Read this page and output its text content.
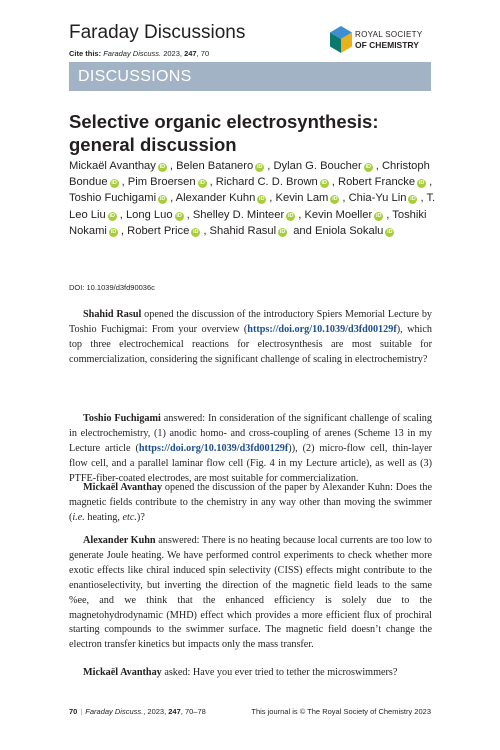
Faraday Discussions
Cite this: Faraday Discuss. 2023, 247, 70
ROYAL SOCIETY
OF CHEMISTRY
DISCUSSIONS
Selective organic electrosynthesis: general discussion
Mickaël Avanthay iD , Belen Batanero iD , Dylan G. Boucher iD , Christoph Bondue iD , Pim Broersen iD , Richard C. D. Brown iD , Robert Francke iD , Toshio Fuchigami iD , Alexander Kuhn iD , Kevin Lam iD , Chia-Yu Lin iD , T. Leo Liu iD , Long Luo iD , Shelley D. Minteer iD , Kevin Moeller iD , Toshiki Nokami iD , Robert Price iD , Shahid Rasul iD and Eniola Sokalu iD
DOI: 10.1039/d3fd90036c
Shahid Rasul opened the discussion of the introductory Spiers Memorial Lecture by Toshio Fuchigmai: From your overview (https://doi.org/10.1039/d3fd00129f), which top three electrochemical reactions for electrosynthesis are most suitable for commercialization, considering the significant challenge of scaling in electrochemistry?
Toshio Fuchigami answered: In consideration of the significant challenge of scaling in electrochemistry, (1) anodic homo- and cross-coupling of arenes (Scheme 13 in my Lecture article (https://doi.org/10.1039/d3fd00129f)), (2) micro-flow cell, thin-layer flow cell, and a parallel laminar flow cell (Fig. 4 in my Lecture article), as well as (3) PTFE-fiber-coated electrodes, are most suitable for commercialization.
Mickaël Avanthay opened the discussion of the paper by Alexander Kuhn: Does the magnetic fields contribute to the chemistry in any way other than moving the swimmer (i.e. heating, etc.)?
Alexander Kuhn answered: There is no heating because local currents are too low to generate Joule heating. We have performed control experiments to check whether more exotic effects like chiral induced spin selectivity (CISS) effects might contribute to the enantioselectivity, but inverting the direction of the magnetic field leads to the same %ee, and we think that the enhanced efficiency is solely due to the magnetohydrodynamic (MHD) effect which provides a more efficient flux of prochiral starting compounds to the swimmer surface. The magnetic field doesn’t change the electron transfer kinetics but impacts only the mass transfer.
Mickaël Avanthay asked: Have you ever tried to tether the microswimmers?
70 | Faraday Discuss., 2023, 247, 70–78	This journal is © The Royal Society of Chemistry 2023
